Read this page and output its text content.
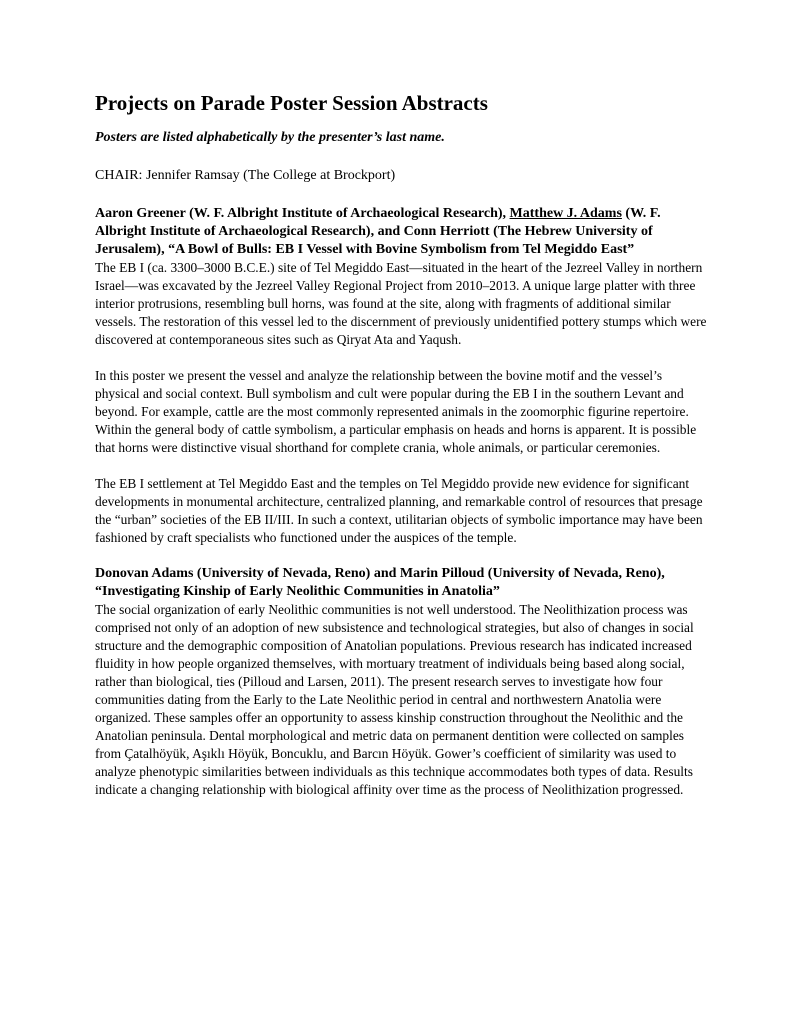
Projects on Parade Poster Session Abstracts

Posters are listed alphabetically by the presenter’s last name.

CHAIR: Jennifer Ramsay (The College at Brockport)

Aaron Greener (W. F. Albright Institute of Archaeological Research), Matthew J. Adams (W. F. Albright Institute of Archaeological Research), and Conn Herriott (The Hebrew University of Jerusalem), “A Bowl of Bulls: EB I Vessel with Bovine Symbolism from Tel Megiddo East”

The EB I (ca. 3300–3000 B.C.E.) site of Tel Megiddo East—situated in the heart of the Jezreel Valley in northern Israel—was excavated by the Jezreel Valley Regional Project from 2010–2013. A unique large platter with three interior protrusions, resembling bull horns, was found at the site, along with fragments of additional similar vessels. The restoration of this vessel led to the discernment of previously unidentified pottery stumps which were discovered at contemporaneous sites such as Qiryat Ata and Yaqush.

In this poster we present the vessel and analyze the relationship between the bovine motif and the vessel’s physical and social context. Bull symbolism and cult were popular during the EB I in the southern Levant and beyond. For example, cattle are the most commonly represented animals in the zoomorphic figurine repertoire. Within the general body of cattle symbolism, a particular emphasis on heads and horns is apparent. It is possible that horns were distinctive visual shorthand for complete crania, whole animals, or particular ceremonies.

The EB I settlement at Tel Megiddo East and the temples on Tel Megiddo provide new evidence for significant developments in monumental architecture, centralized planning, and remarkable control of resources that presage the “urban” societies of the EB II/III. In such a context, utilitarian objects of symbolic importance may have been fashioned by craft specialists who functioned under the auspices of the temple.

Donovan Adams (University of Nevada, Reno) and Marin Pilloud (University of Nevada, Reno), “Investigating Kinship of Early Neolithic Communities in Anatolia”

The social organization of early Neolithic communities is not well understood. The Neolithization process was comprised not only of an adoption of new subsistence and technological strategies, but also of changes in social structure and the demographic composition of Anatolian populations. Previous research has indicated increased fluidity in how people organized themselves, with mortuary treatment of individuals being based along social, rather than biological, ties (Pilloud and Larsen, 2011). The present research serves to investigate how four communities dating from the Early to the Late Neolithic period in central and northwestern Anatolia were organized. These samples offer an opportunity to assess kinship construction throughout the Neolithic and the Anatolian peninsula. Dental morphological and metric data on permanent dentition were collected on samples from Çatalhöyük, Aşıklı Höyük, Boncuklu, and Barcın Höyük. Gower’s coefficient of similarity was used to analyze phenotypic similarities between individuals as this technique accommodates both types of data. Results indicate a changing relationship with biological affinity over time as the process of Neolithization progressed.
